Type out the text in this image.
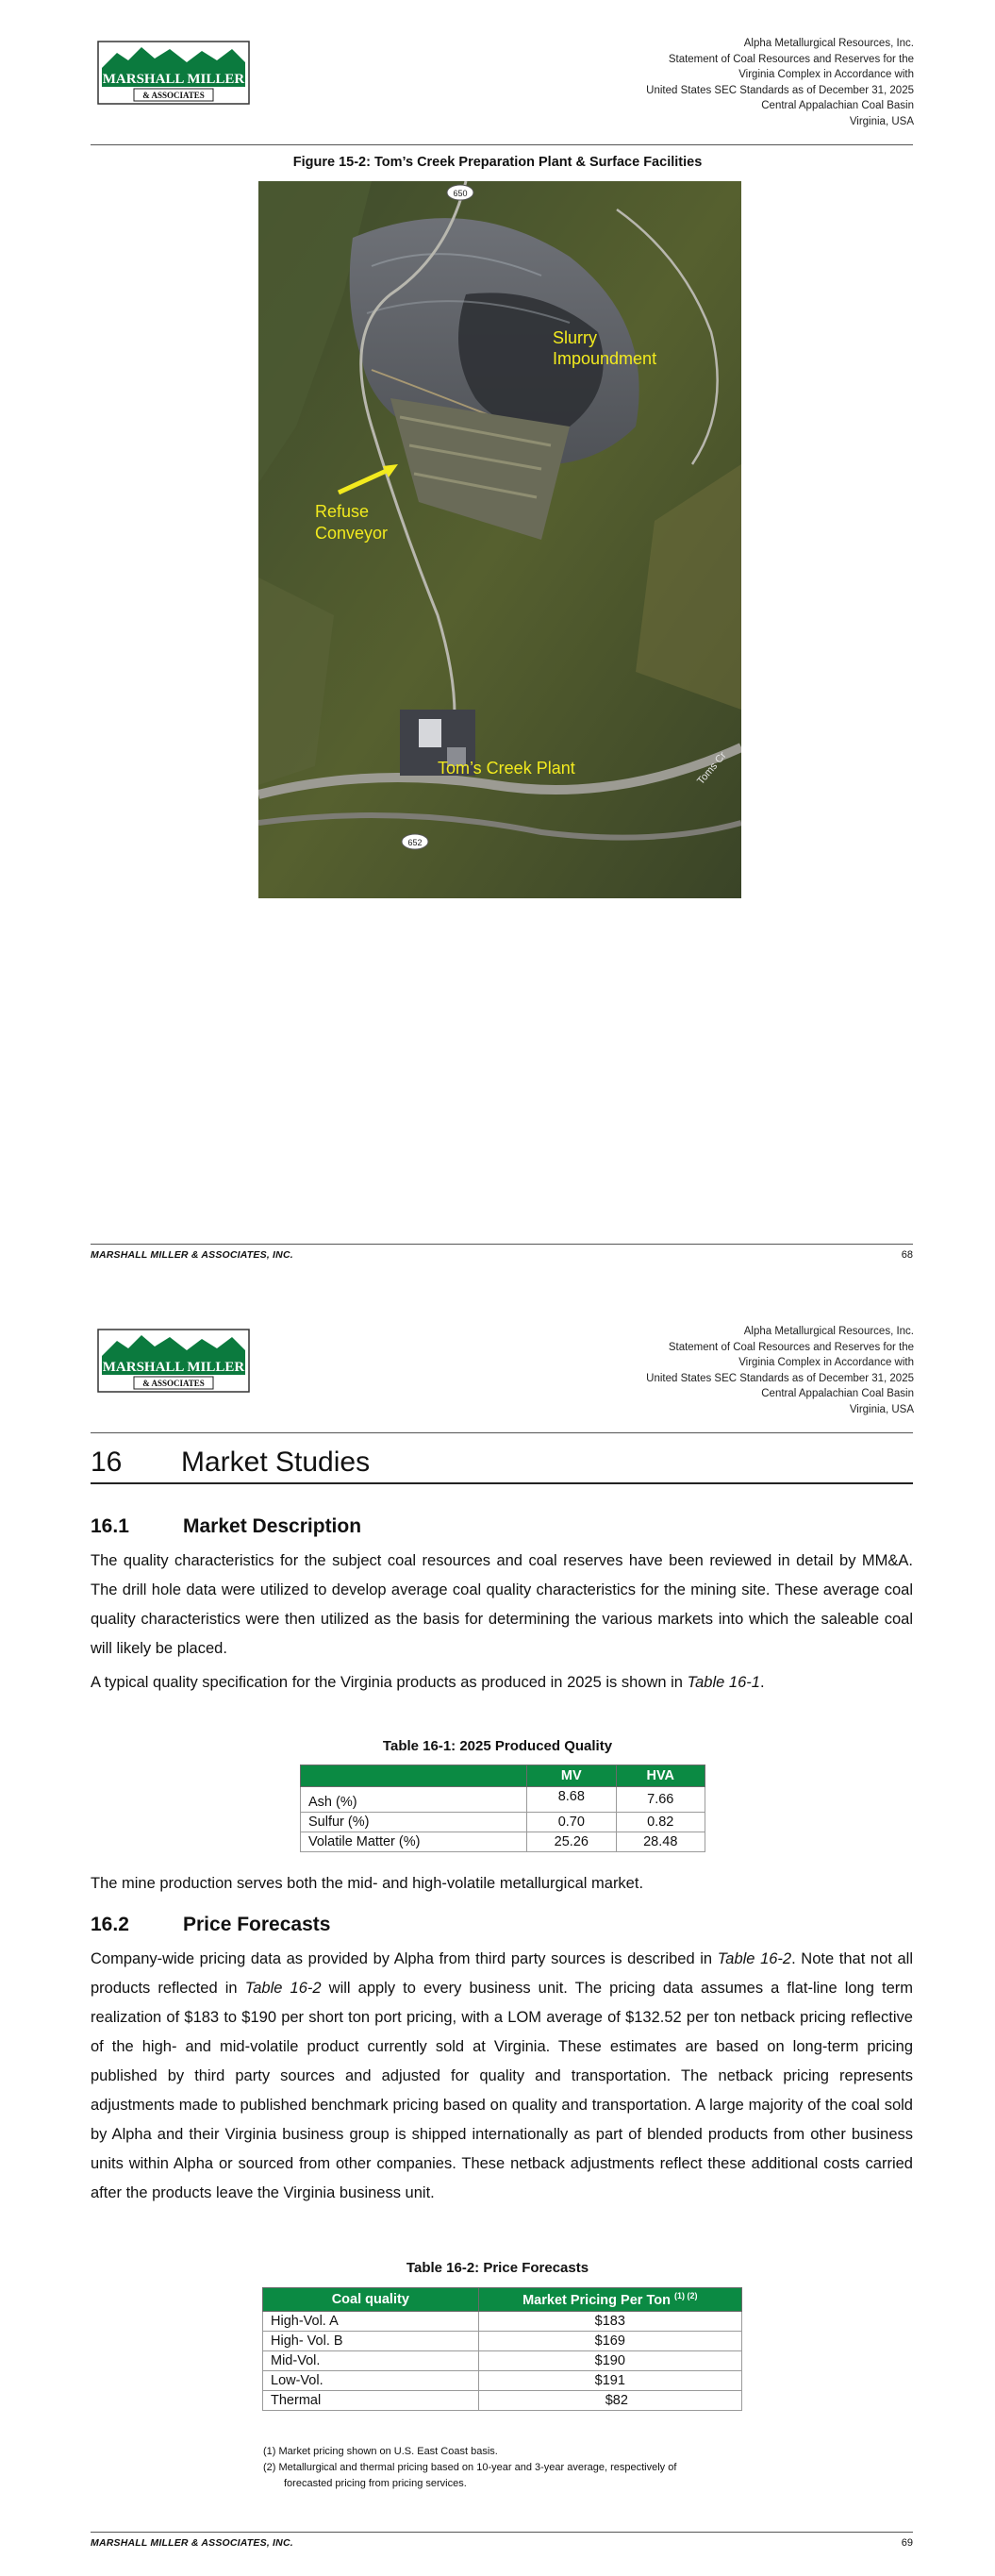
MARSHALL MILLER
& ASSOCIATES
Alpha Metallurgical Resources, Inc.
Statement of Coal Resources and Reserves for the
Virginia Complex in Accordance with
United States SEC Standards as of December 31, 2025
Central Appalachian Coal Basin
Virginia, USA
Figure 15-2: Tom’s Creek Preparation Plant & Surface Facilities
Slurry
Impoundment
Refuse
Conveyor
Tom’s Creek Plant
650
652
Toms Cr
MARSHALL MILLER & ASSOCIATES, INC.	68
MARSHALL MILLER
& ASSOCIATES
Alpha Metallurgical Resources, Inc.
Statement of Coal Resources and Reserves for the
Virginia Complex in Accordance with
United States SEC Standards as of December 31, 2025
Central Appalachian Coal Basin
Virginia, USA
16 Market Studies
16.1	Market Description
The quality characteristics for the subject coal resources and coal reserves have been reviewed in detail by MM&A. The drill hole data were utilized to develop average coal quality characteristics for the mining site. These average coal quality characteristics were then utilized as the basis for determining the various markets into which the saleable coal will likely be placed.
A typical quality specification for the Virginia products as produced in 2025 is shown in Table 16-1.
Table 16-1: 2025 Produced Quality
	MV	HVA
Ash (%)	8.68	7.66
Sulfur (%)	0.70	0.82
Volatile Matter (%)	25.26	28.48
The mine production serves both the mid- and high-volatile metallurgical market.
16.2	Price Forecasts
Company-wide pricing data as provided by Alpha from third party sources is described in Table 16-2. Note that not all products reflected in Table 16-2 will apply to every business unit. The pricing data assumes a flat-line long term realization of $183 to $190 per short ton port pricing, with a LOM average of $132.52 per ton netback pricing reflective of the high- and mid-volatile product currently sold at Virginia. These estimates are based on long-term pricing published by third party sources and adjusted for quality and transportation. The netback pricing represents adjustments made to published benchmark pricing based on quality and transportation. A large majority of the coal sold by Alpha and their Virginia business group is shipped internationally as part of blended products from other business units within Alpha or sourced from other companies. These netback adjustments reflect these additional costs carried after the products leave the Virginia business unit.
Table 16-2: Price Forecasts
Coal quality	Market Pricing Per Ton $^{(1) (2)}$
High-Vol. A	$183
High- Vol. B	$169
Mid-Vol.	$190
Low-Vol.	$191
Thermal	$82
(1) Market pricing shown on U.S. East Coast basis.
(2) Metallurgical and thermal pricing based on 10-year and 3-year average, respectively of
forecasted pricing from pricing services.
MARSHALL MILLER & ASSOCIATES, INC.	69
